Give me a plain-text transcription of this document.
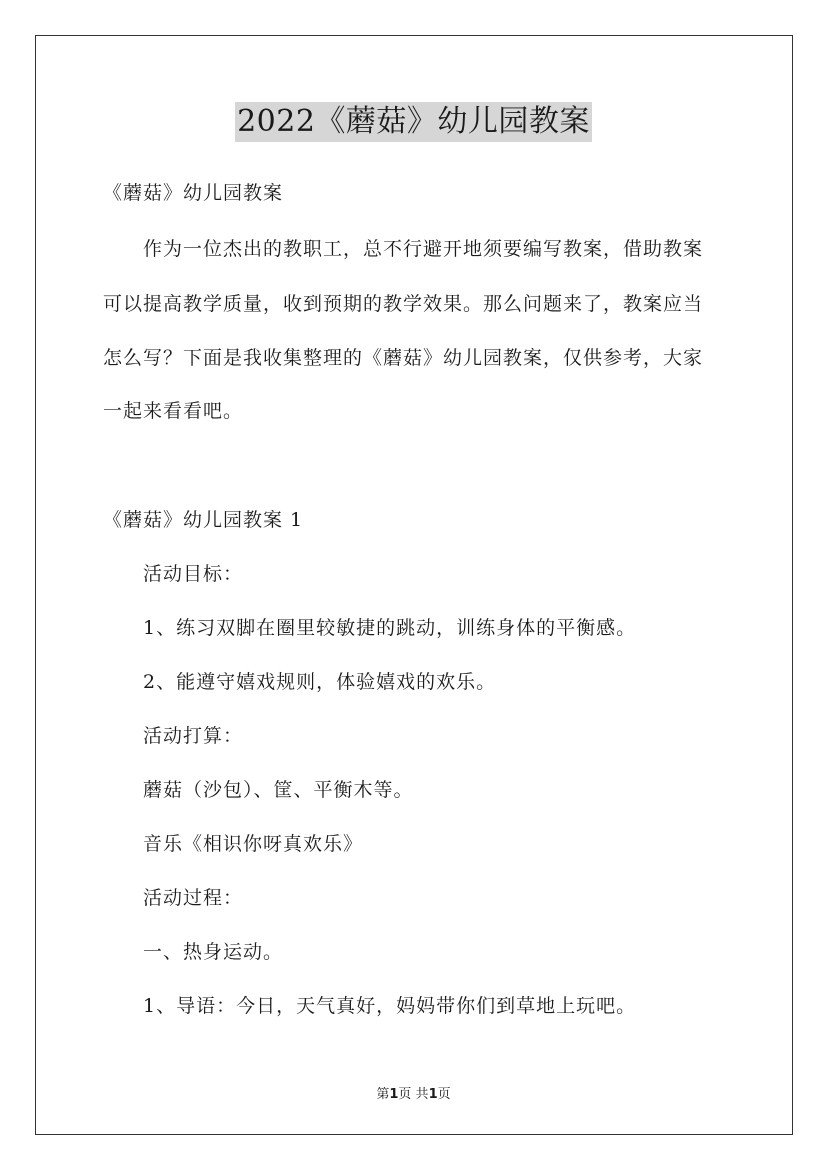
2022《蘑菇》幼儿园教案
《蘑菇》幼儿园教案
作为一位杰出的教职工，总不行避开地须要编写教案，借助教案
可以提高教学质量，收到预期的教学效果。那么问题来了，教案应当
怎么写？下面是我收集整理的《蘑菇》幼儿园教案，仅供参考，大家
一起来看看吧。
《蘑菇》幼儿园教案 1
活动目标：
1、练习双脚在圈里较敏捷的跳动，训练身体的平衡感。
2、能遵守嬉戏规则，体验嬉戏的欢乐。
活动打算：
蘑菇（沙包）、筐、平衡木等。
音乐《相识你呀真欢乐》
活动过程：
一、热身运动。
1、导语：今日，天气真好，妈妈带你们到草地上玩吧。
第1页 共1页
